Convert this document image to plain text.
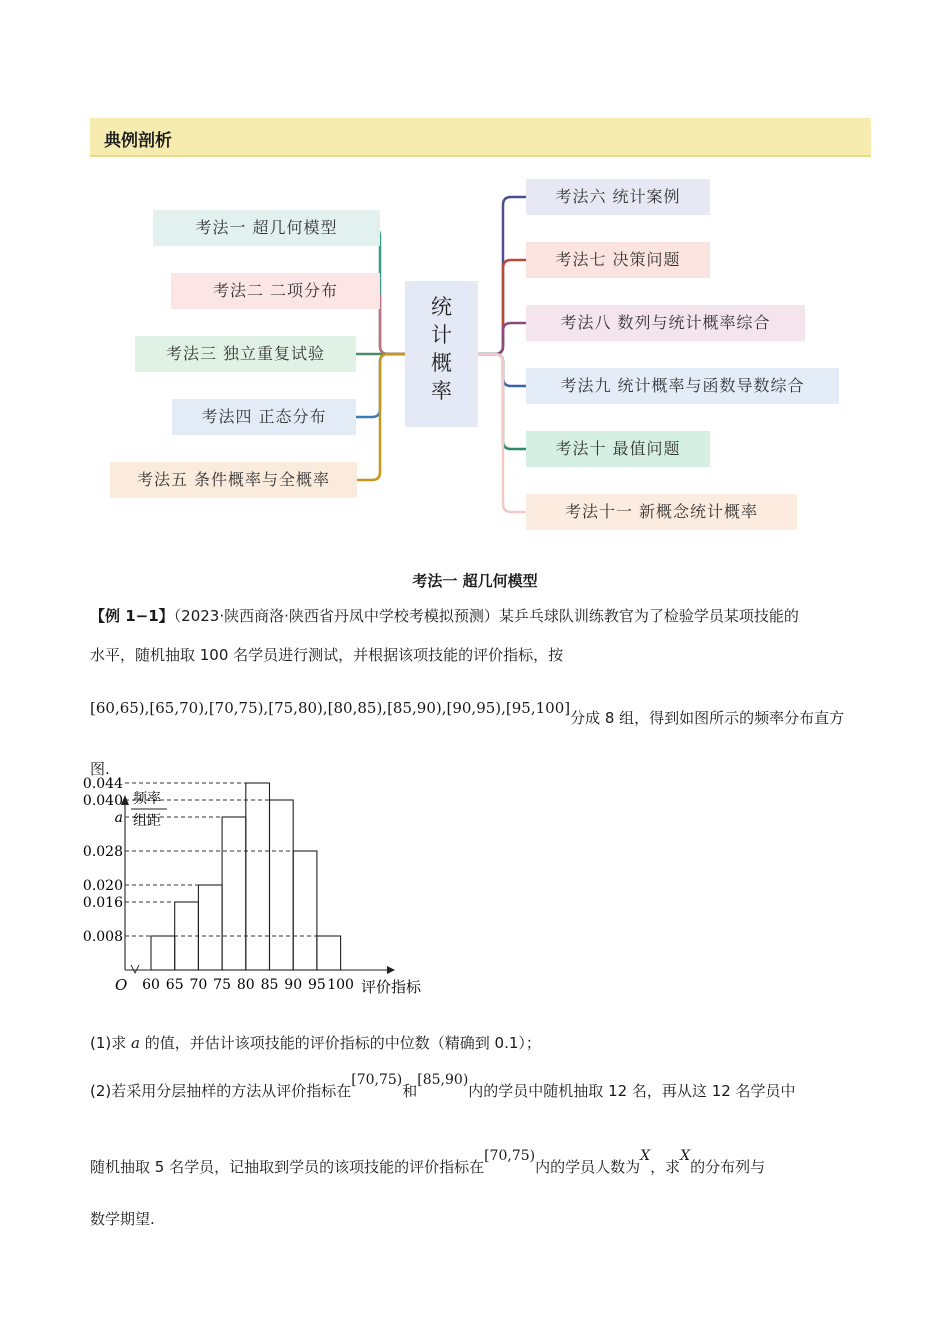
典例剖析
考法一 超几何模型
考法二 二项分布
考法三 独立重复试验
考法四 正态分布
考法五 条件概率与全概率
考法六 统计案例
考法七 决策问题
考法八 数列与统计概率综合
考法九 统计概率与函数导数综合
考法十 最值问题
考法十一 新概念统计概率
统
计
概
率
考法一 超几何模型
【例 1−1】（2023·陕西商洛·陕西省丹凤中学校考模拟预测）某乒乓球队训练教官为了检验学员某项技能的
水平，随机抽取 100 名学员进行测试，并根据该项技能的评价指标，按
[60,65),[65,70),[70,75),[75,80),[80,85),[85,90),[90,95),[95,100]分成 8 组，得到如图所示的频率分布直方
图.
0.044
0.040
a
0.028
0.020
0.016
0.008
60 65 70 75 80 85 90 95 100
O	评价指标
频率
组距
(1)求 a 的值，并估计该项技能的评价指标的中位数（精确到 0.1）；
(2)若采用分层抽样的方法从评价指标在[70,75)和[85,90)内的学员中随机抽取 12 名，再从这 12 名学员中
随机抽取 5 名学员，记抽取到学员的该项技能的评价指标在[70,75)内的学员人数为X，求X的分布列与
数学期望.
